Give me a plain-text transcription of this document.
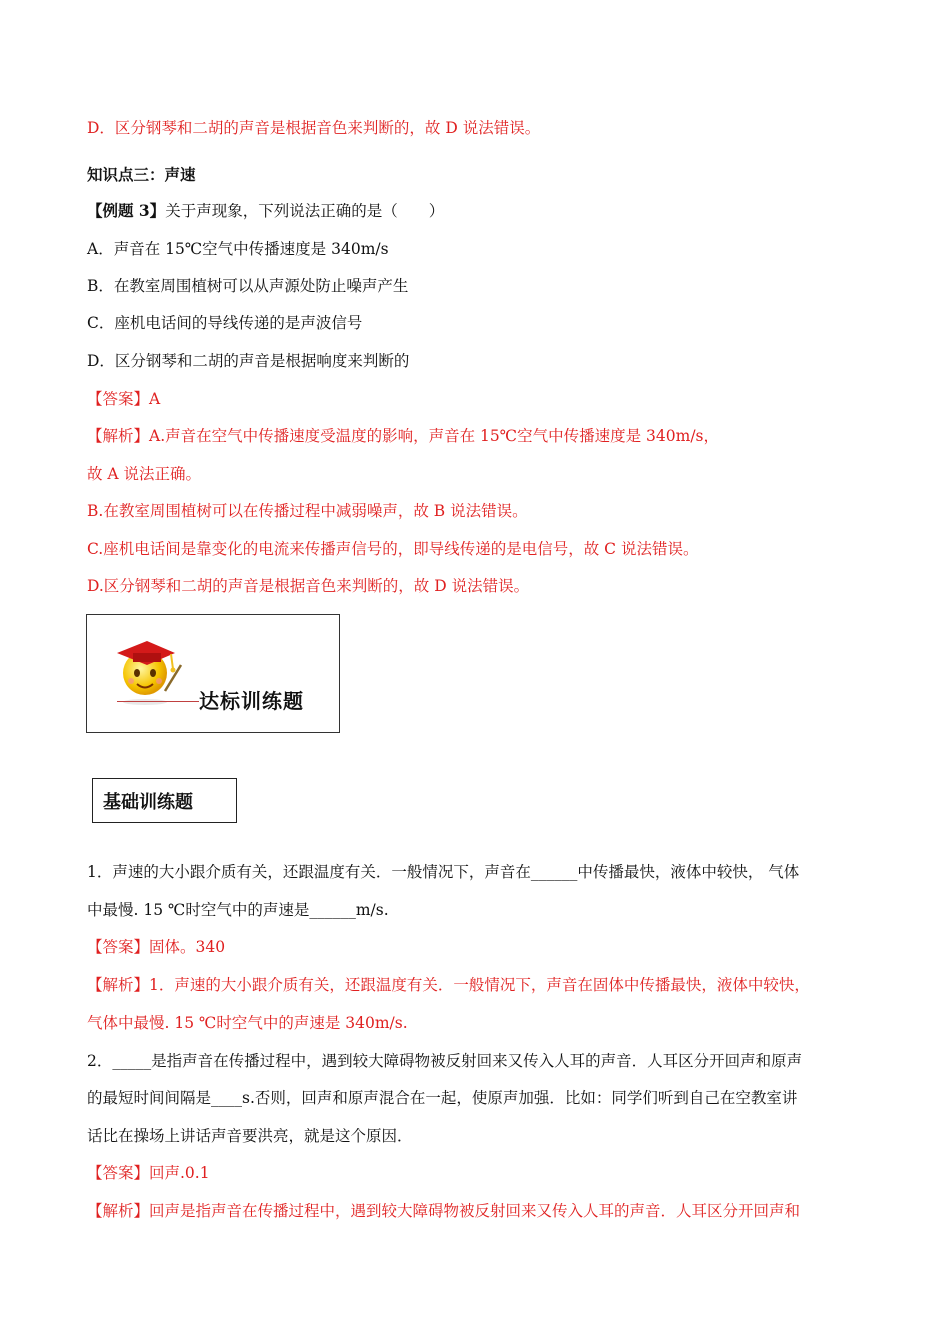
D．区分钢琴和二胡的声音是根据音色来判断的，故 D 说法错误。
知识点三：声速
【例题 3】关于声现象，下列说法正确的是（　　）
A．声音在 15℃空气中传播速度是 340m/s
B．在教室周围植树可以从声源处防止噪声产生
C．座机电话间的导线传递的是声波信号
D．区分钢琴和二胡的声音是根据响度来判断的
【答案】A
【解析】A.声音在空气中传播速度受温度的影响，声音在 15℃空气中传播速度是 340m/s，
故 A 说法正确。
B.在教室周围植树可以在传播过程中减弱噪声，故 B 说法错误。
C.座机电话间是靠变化的电流来传播声信号的，即导线传递的是电信号，故 C 说法错误。
D.区分钢琴和二胡的声音是根据音色来判断的，故 D 说法错误。
达标训练题
基础训练题
1．声速的大小跟介质有关，还跟温度有关．一般情况下，声音在______中传播最快，液体中较快， 气体
中最慢. 15 ℃时空气中的声速是______m/s.
【答案】固体。340
【解析】1．声速的大小跟介质有关，还跟温度有关．一般情况下，声音在固体中传播最快，液体中较快，
气体中最慢. 15 ℃时空气中的声速是 340m/s.
2．_____是指声音在传播过程中，遇到较大障碍物被反射回来又传入人耳的声音．人耳区分开回声和原声
的最短时间间隔是____s.否则，回声和原声混合在一起，使原声加强．比如：同学们听到自己在空教室讲
话比在操场上讲话声音要洪亮，就是这个原因．
【答案】回声.0.1
【解析】回声是指声音在传播过程中，遇到较大障碍物被反射回来又传入人耳的声音．人耳区分开回声和
